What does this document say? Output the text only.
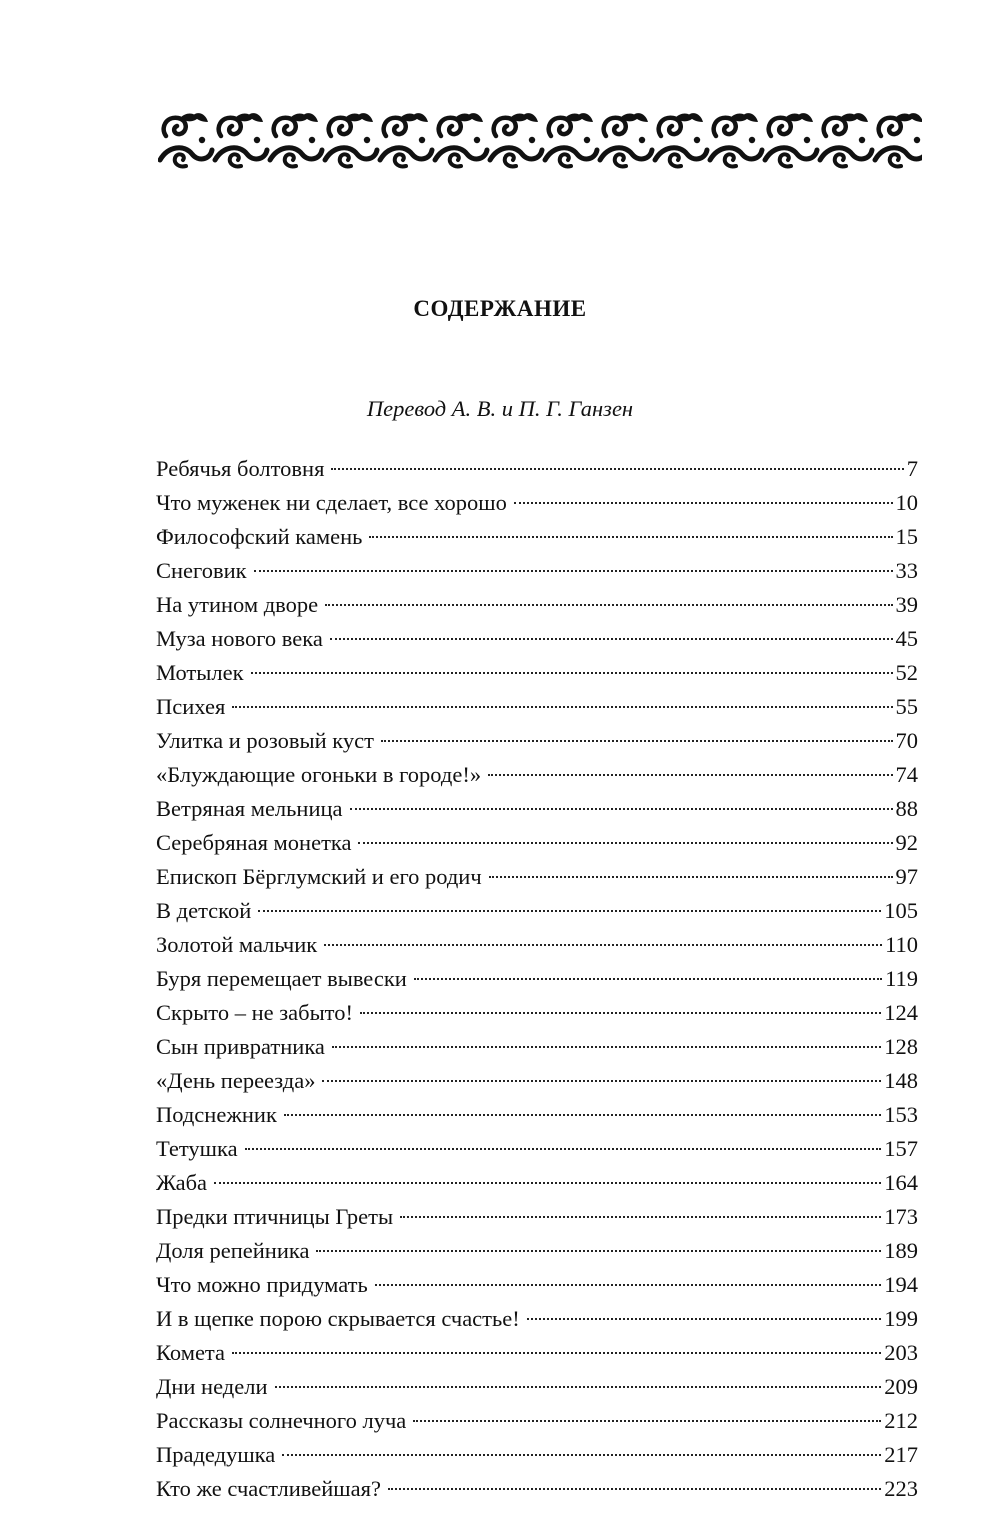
СОДЕРЖАНИЕ
Перевод А. В. и П. Г. Ганзен
Ребячья болтовня	7
Что муженек ни сделает, все хорошо	10
Философский камень	15
Снеговик	33
На утином дворе	39
Муза нового века	45
Мотылек	52
Психея	55
Улитка и розовый куст	70
«Блуждающие огоньки в городе!»	74
Ветряная мельница	88
Серебряная монетка	92
Епископ Бёрглумский и его родич	97
В детской	105
Золотой мальчик	110
Буря перемещает вывески	119
Скрыто – не забыто!	124
Сын привратника	128
«День переезда»	148
Подснежник	153
Тетушка	157
Жаба	164
Предки птичницы Греты	173
Доля репейника	189
Что можно придумать	194
И в щепке порою скрывается счастье!	199
Комета	203
Дни недели	209
Рассказы солнечного луча	212
Прадедушка	217
Кто же счастливейшая?	223
